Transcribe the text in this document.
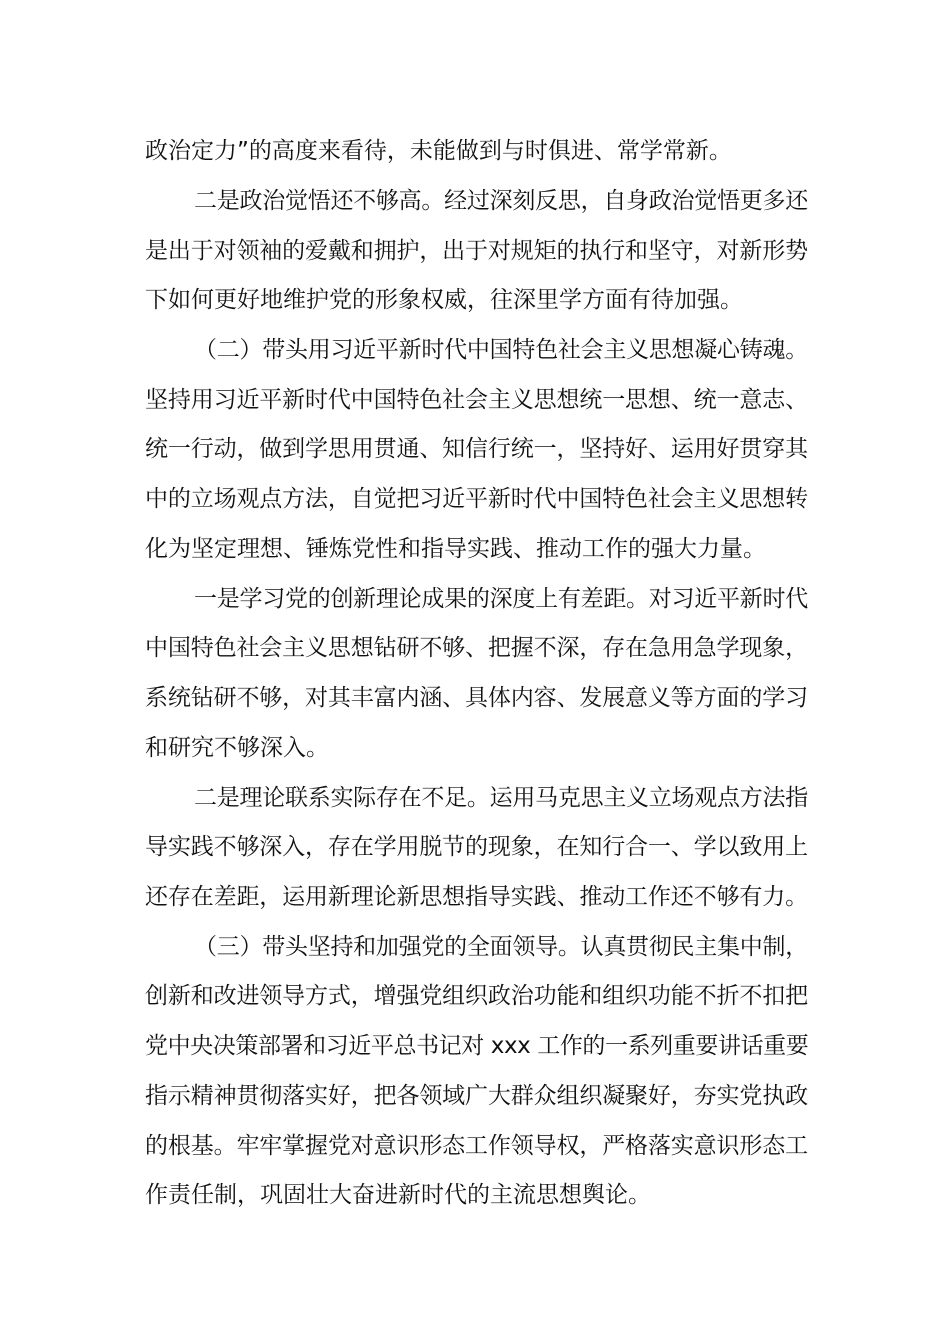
政治定力”的高度来看待，未能做到与时俱进、常学常新。
二是政治觉悟还不够高。经过深刻反思，自身政治觉悟更多还
是出于对领袖的爱戴和拥护，出于对规矩的执行和坚守，对新形势
下如何更好地维护党的形象权威，往深里学方面有待加强。
（二）带头用习近平新时代中国特色社会主义思想凝心铸魂。
坚持用习近平新时代中国特色社会主义思想统一思想、统一意志、
统一行动，做到学思用贯通、知信行统一，坚持好、运用好贯穿其
中的立场观点方法，自觉把习近平新时代中国特色社会主义思想转
化为坚定理想、锤炼党性和指导实践、推动工作的强大力量。
一是学习党的创新理论成果的深度上有差距。对习近平新时代
中国特色社会主义思想钻研不够、把握不深，存在急用急学现象，
系统钻研不够，对其丰富内涵、具体内容、发展意义等方面的学习
和研究不够深入。
二是理论联系实际存在不足。运用马克思主义立场观点方法指
导实践不够深入，存在学用脱节的现象，在知行合一、学以致用上
还存在差距，运用新理论新思想指导实践、推动工作还不够有力。
（三）带头坚持和加强党的全面领导。认真贯彻民主集中制，
创新和改进领导方式，增强党组织政治功能和组织功能不折不扣把
党中央决策部署和习近平总书记对 xxx 工作的一系列重要讲话重要
指示精神贯彻落实好，把各领域广大群众组织凝聚好，夯实党执政
的根基。牢牢掌握党对意识形态工作领导权，严格落实意识形态工
作责任制，巩固壮大奋进新时代的主流思想舆论。
